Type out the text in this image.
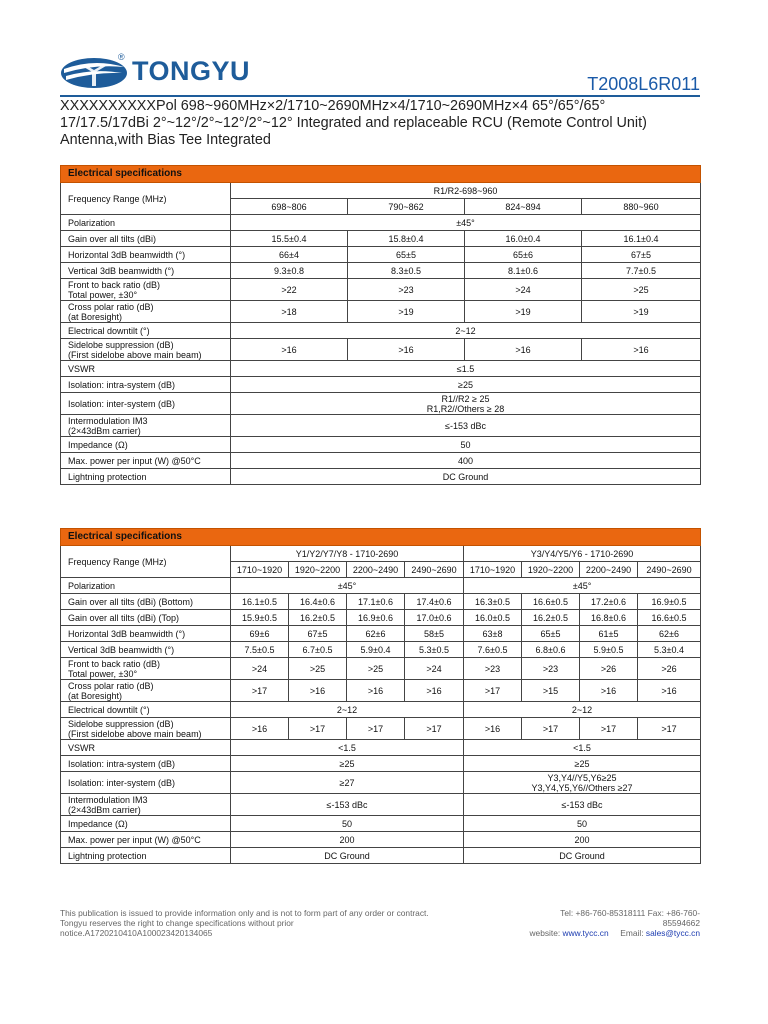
® TONGYU	T2008L6R011
XXXXXXXXXXPol 698~960MHz×2/1710~2690MHz×4/1710~2690MHz×4 65°/65°/65°
17/17.5/17dBi 2°~12°/2°~12°/2°~12° Integrated and replaceable RCU (Remote Control Unit)
Antenna,with Bias Tee Integrated
Electrical specifications				
Frequency Range (MHz)	R1/R2-698~960			
	698~806	790~862	824~894	880~960

Polarization	±45°			

Gain over all tilts (dBi)	15.5±0.4	15.8±0.4	16.0±0.4	16.1±0.4

Horizontal 3dB beamwidth (°)	66±4	65±5	65±6	67±5

Vertical 3dB beamwidth (°)	9.3±0.8	8.3±0.5	8.1±0.6	7.7±0.5

Front to back ratio (dB)
Total power, ±30°	>22	>23	>24	>25

Cross polar ratio (dB)
(at Boresight)	>18	>19	>19	>19

Electrical downtilt (°)	2~12			

Sidelobe suppression (dB)
(First sidelobe above main beam)	>16	>16	>16	>16

VSWR	≤1.5			

Isolation: intra-system (dB)	≥25			

Isolation: inter-system (dB)	R1//R2 ≥ 25
R1,R2//Others ≥ 28			

Intermodulation IM3
(2×43dBm carrier)	≤-153 dBc			

Impedance (Ω)	50			

Max. power per input (W) @50°C	400			

Lightning protection	DC Ground			
Electrical specifications								
Frequency Range (MHz)	Y1/Y2/Y7/Y8 - 1710-2690				Y3/Y4/Y5/Y6 - 1710-2690			
	1710~1920	1920~2200	2200~2490	2490~2690	1710~1920	1920~2200	2200~2490	2490~2690

Polarization	±45°				±45°			

Gain over all tilts (dBi) (Bottom)	16.1±0.5	16.4±0.6	17.1±0.6	17.4±0.6	16.3±0.5	16.6±0.5	17.2±0.6	16.9±0.5

Gain over all tilts (dBi) (Top)	15.9±0.5	16.2±0.5	16.9±0.6	17.0±0.6	16.0±0.5	16.2±0.5	16.8±0.6	16.6±0.5

Horizontal 3dB beamwidth (°)	69±6	67±5	62±6	58±5	63±8	65±5	61±5	62±6

Vertical 3dB beamwidth (°)	7.5±0.5	6.7±0.5	5.9±0.4	5.3±0.5	7.6±0.5	6.8±0.6	5.9±0.5	5.3±0.4

Front to back ratio (dB)
Total power, ±30°	>24	>25	>25	>24	>23	>23	>26	>26

Cross polar ratio (dB)
(at Boresight)	>17	>16	>16	>16	>17	>15	>16	>16

Electrical downtilt (°)	2~12				2~12			

Sidelobe suppression (dB)
(First sidelobe above main beam)	>16	>17	>17	>17	>16	>17	>17	>17

VSWR	<1.5				<1.5			

Isolation: intra-system (dB)	≥25				≥25			

Isolation: inter-system (dB)	≥27				Y3,Y4//Y5,Y6≥25
Y3,Y4,Y5,Y6//Others ≥27			

Intermodulation IM3
(2×43dBm carrier)	≤-153 dBc				≤-153 dBc			

Impedance (Ω)	50				50			

Max. power per input (W) @50°C	200				200			

Lightning protection	DC Ground				DC Ground			
This publication is issued to provide information only and is not to form part of any order or contract.
Tongyu reserves the right to change specifications without prior
notice.A1720210410A100023420134065
Tel: +86-760-85318111 Fax: +86-760-
85594662
website: www.tycc.cn Email: sales@tycc.cn
